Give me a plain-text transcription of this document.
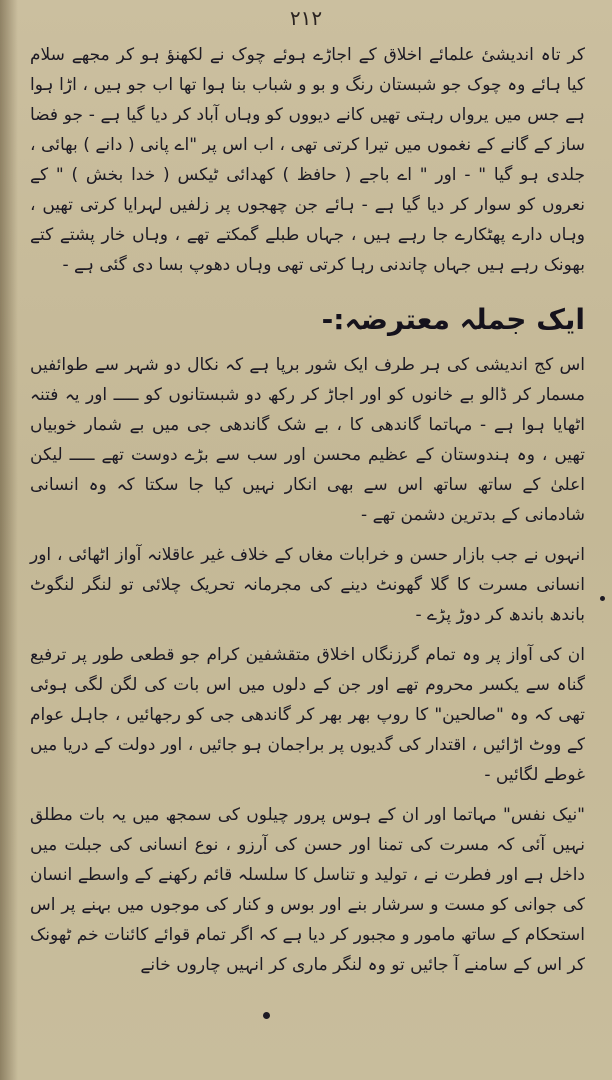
۲۱۲

کر تاہ اندیشیٔ علمائے اخلاق کے اجاڑے ہوئے چوک نے لکھنؤ ہو کر مجھے سلام کیا ہائے وہ چوک جو شبستان رنگ و بو و شباب بنا ہوا تھا اب جو ہیں ، اڑا ہوا ہے جس میں یرواں رہتی تھیں کانے دیووں کو وہاں آباد کر دیا گیا ہے - جو فضا ساز کے گانے کے نغموں میں تیرا کرتی تھی ، اب اس پر "اے پانی ( دانے ) بھائی ، جلدی ہو گیا " - اور " اے باجے ( حافظ ) کھدائی ٹیکس ( خدا بخش ) " کے نعروں کو سوار کر دیا گیا ہے - ہائے جن چھجوں پر زلفیں لہرایا کرتی تھیں ، وہاں دارے پھٹکارے جا رہے ہیں ، جہاں طبلے گمکتے تھے ، وہاں خار پشتے کتے بھونک رہے ہیں جہاں چاندنی رہا کرتی تھی وہاں دھوپ بسا دی گئی ہے -

ایک جملہ معترضہ:-

اس کج اندیشی کی ہر طرف ایک شور برپا ہے کہ نکال دو شہر سے طوائفیں مسمار کر ڈالو بے خانوں کو اور اجاڑ کر رکھ دو شبستانوں کو ـــــ اور یہ فتنہ اٹھایا ہوا ہے - مہاتما گاندھی کا ، بے شک گاندھی جی میں بے شمار خوبیاں تھیں ، وہ ہندوستان کے عظیم محسن اور سب سے بڑے دوست تھے ـــــ لیکن اعلیٰ کے ساتھ ساتھ اس سے بھی انکار نہیں کیا جا سکتا کہ وہ انسانی شادمانی کے بدترین دشمن تھے -

انہوں نے جب بازار حسن و خرابات مغاں کے خلاف غیر عاقلانہ آواز اٹھائی ، اور انسانی مسرت کا گلا گھونٹ دینے کی مجرمانہ تحریک چلائی تو لنگر لنگوٹ باندھ باندھ کر دوڑ پڑے -

ان کی آواز پر وہ تمام گرزنگاں اخلاق متقشفین کرام جو قطعی طور پر ترفیع گناہ سے یکسر محروم تھے اور جن کے دلوں میں اس بات کی لگن لگی ہوئی تھی کہ وہ "صالحین" کا روپ بھر بھر کر گاندھی جی کو رجھائیں ، جاہل عوام کے ووٹ اڑائیں ، اقتدار کی گدیوں پر براجمان ہو جائیں ، اور دولت کے دریا میں غوطے لگائیں -

"نیک نفس" مہاتما اور ان کے ہوس پرور چیلوں کی سمجھ میں یہ بات مطلق نہیں آئی کہ مسرت کی تمنا اور حسن کی آرزو ، نوع انسانی کی جبلت میں داخل ہے اور فطرت نے ، تولید و تناسل کا سلسلہ قائم رکھنے کے واسطے انسان کی جوانی کو مست و سرشار بنے اور بوس و کنار کی موجوں میں بہنے پر اس استحکام کے ساتھ مامور و مجبور کر دیا ہے کہ اگر تمام قوائے کائنات خم ٹھونک کر اس کے سامنے آ جائیں تو وہ لنگر ماری کر انہیں چاروں خانے
